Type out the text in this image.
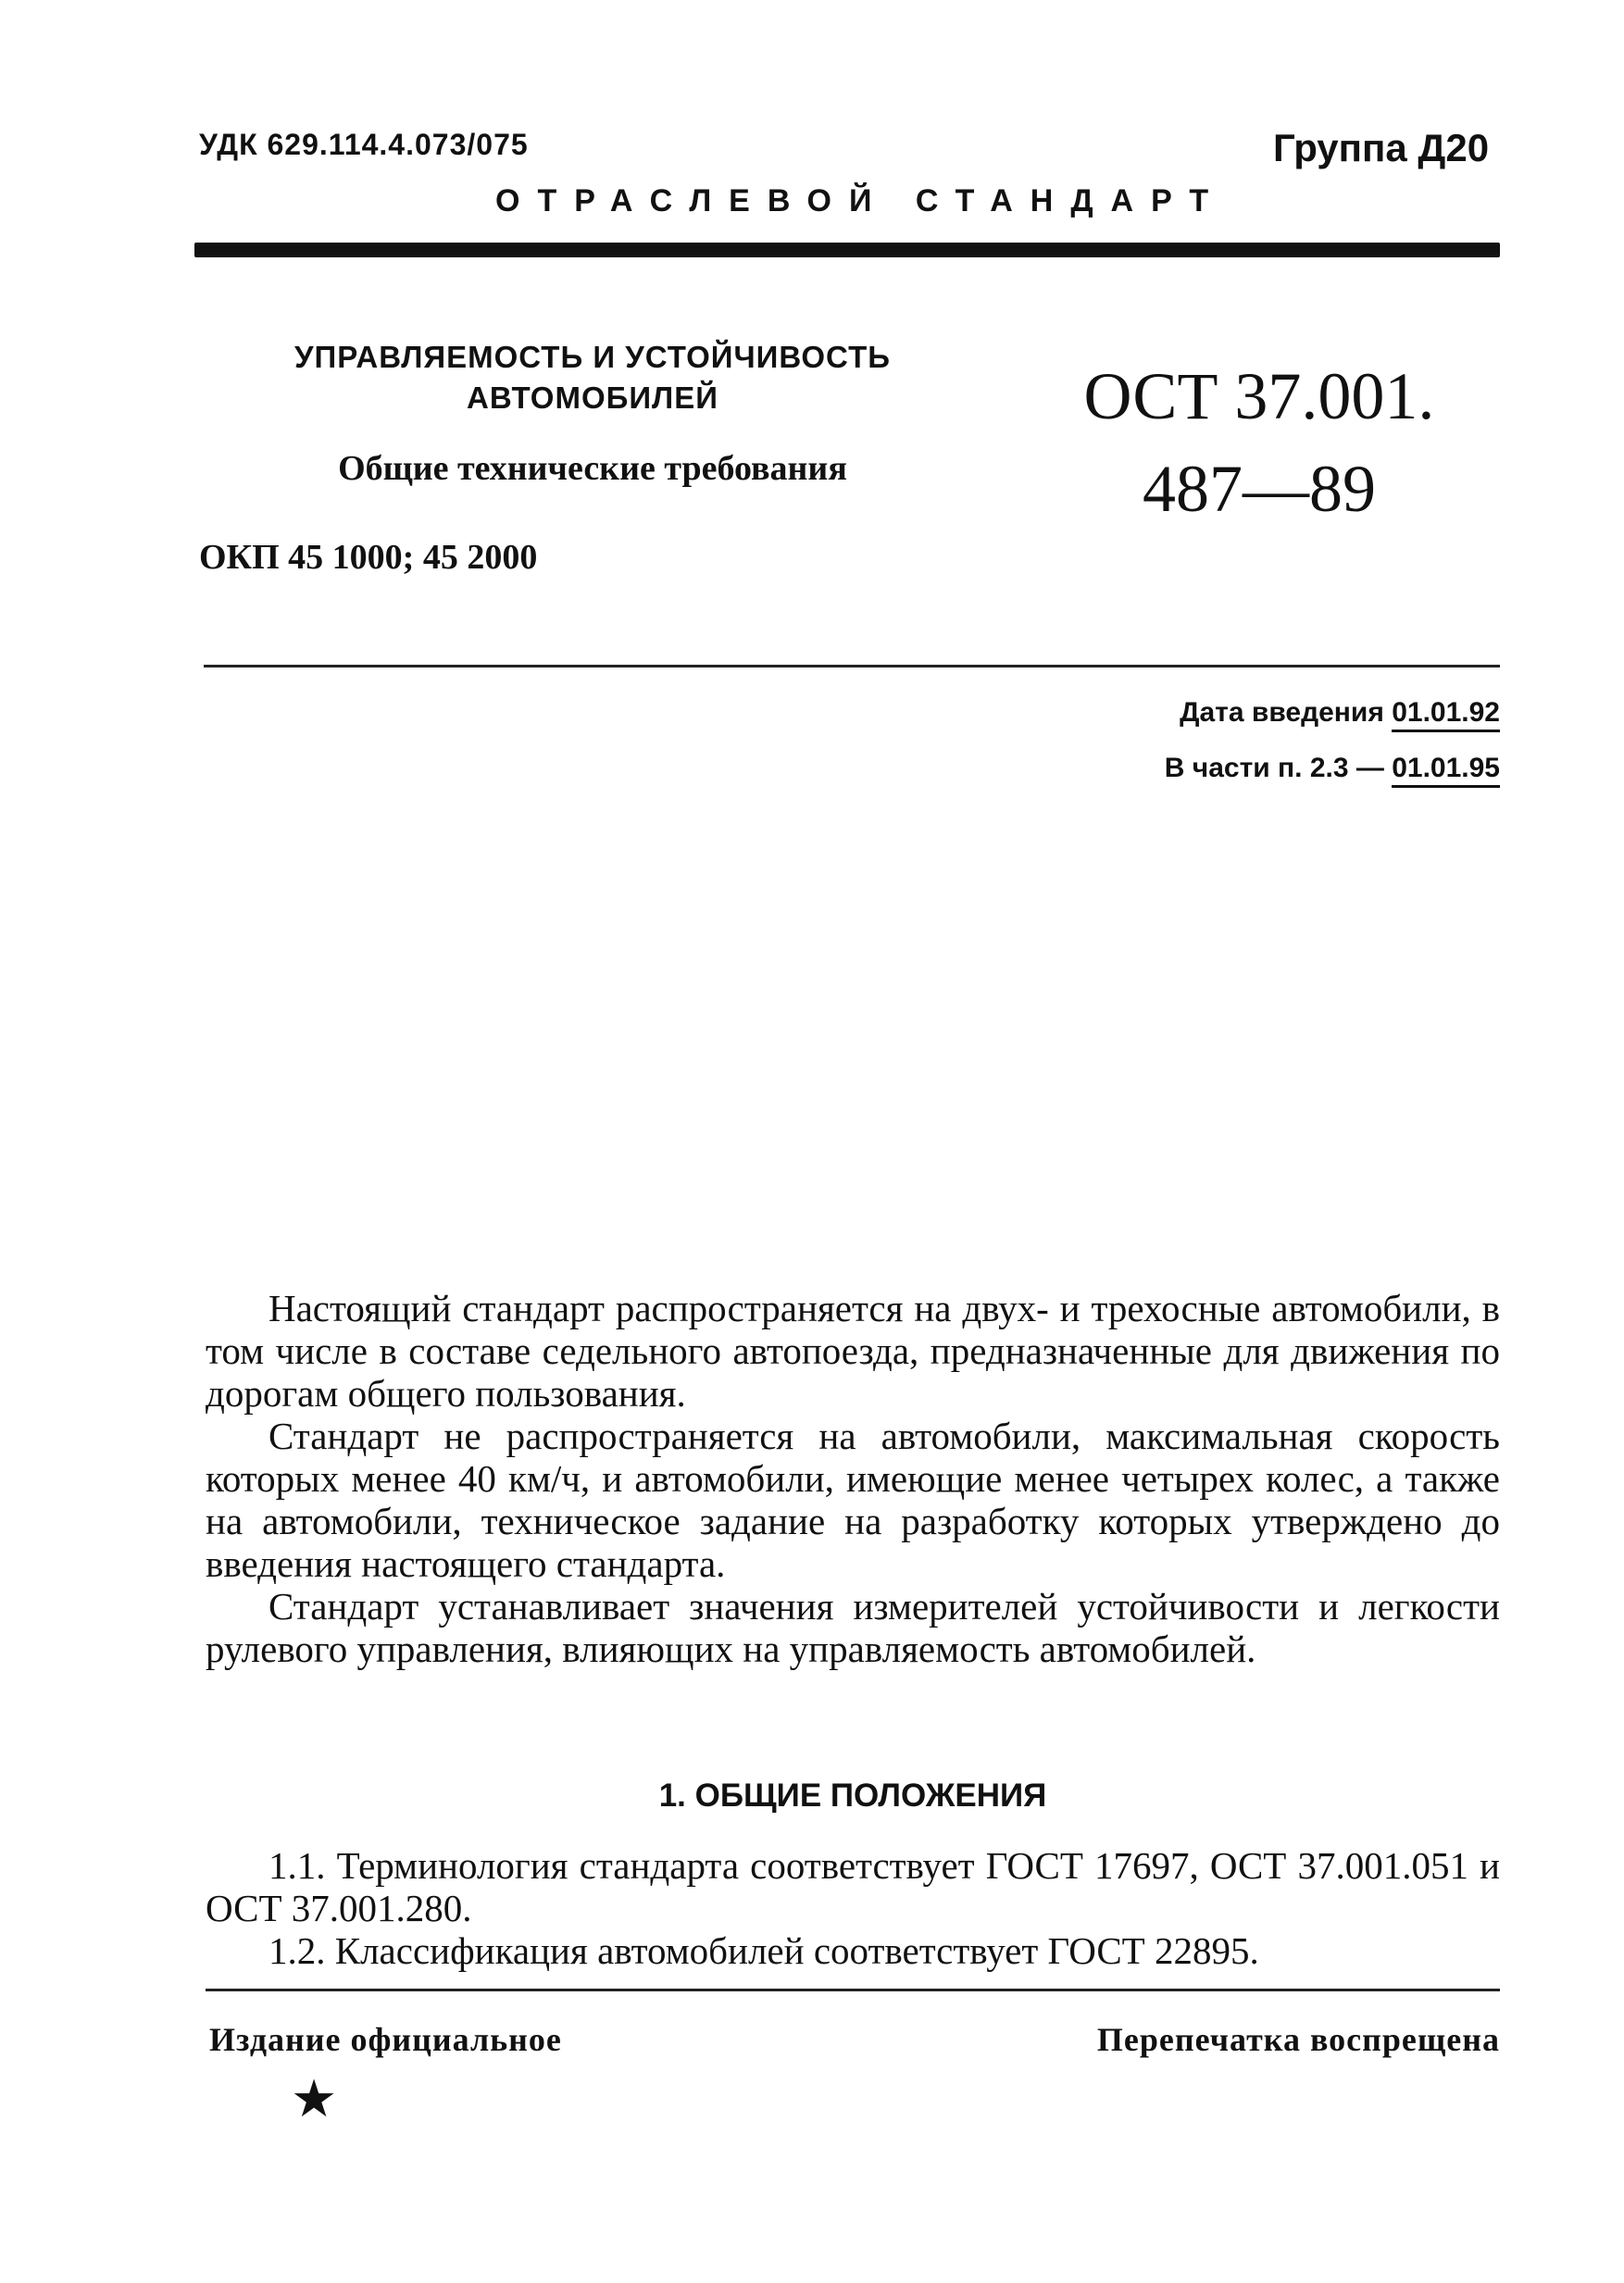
УДК 629.114.4.073/075	Группа Д20
ОТРАСЛЕВОЙ СТАНДАРТ
УПРАВЛЯЕМОСТЬ И УСТОЙЧИВОСТЬ
АВТОМОБИЛЕЙ
Общие технические требования
ОСТ 37.001.
487—89
ОКП 45 1000; 45 2000
Дата введения 01.01.92
В части п. 2.3 — 01.01.95

Настоящий стандарт распространяется на двух- и трехосные автомобили, в том числе в составе седельного автопоезда, предназначенные для движения по дорогам общего пользования.

Стандарт не распространяется на автомобили, максимальная скорость которых менее 40 км/ч, и автомобили, имеющие менее четырех колес, а также на автомобили, техническое задание на разработку которых утверждено до введения настоящего стандарта.

Стандарт устанавливает значения измерителей устойчивости и легкости рулевого управления, влияющих на управляемость автомобилей.

1. ОБЩИЕ ПОЛОЖЕНИЯ

1.1. Терминология стандарта соответствует ГОСТ 17697, ОСТ 37.001.051 и ОСТ 37.001.280.

1.2. Классификация автомобилей соответствует ГОСТ 22895.

Издание официальное	Перепечатка воспрещена
★
